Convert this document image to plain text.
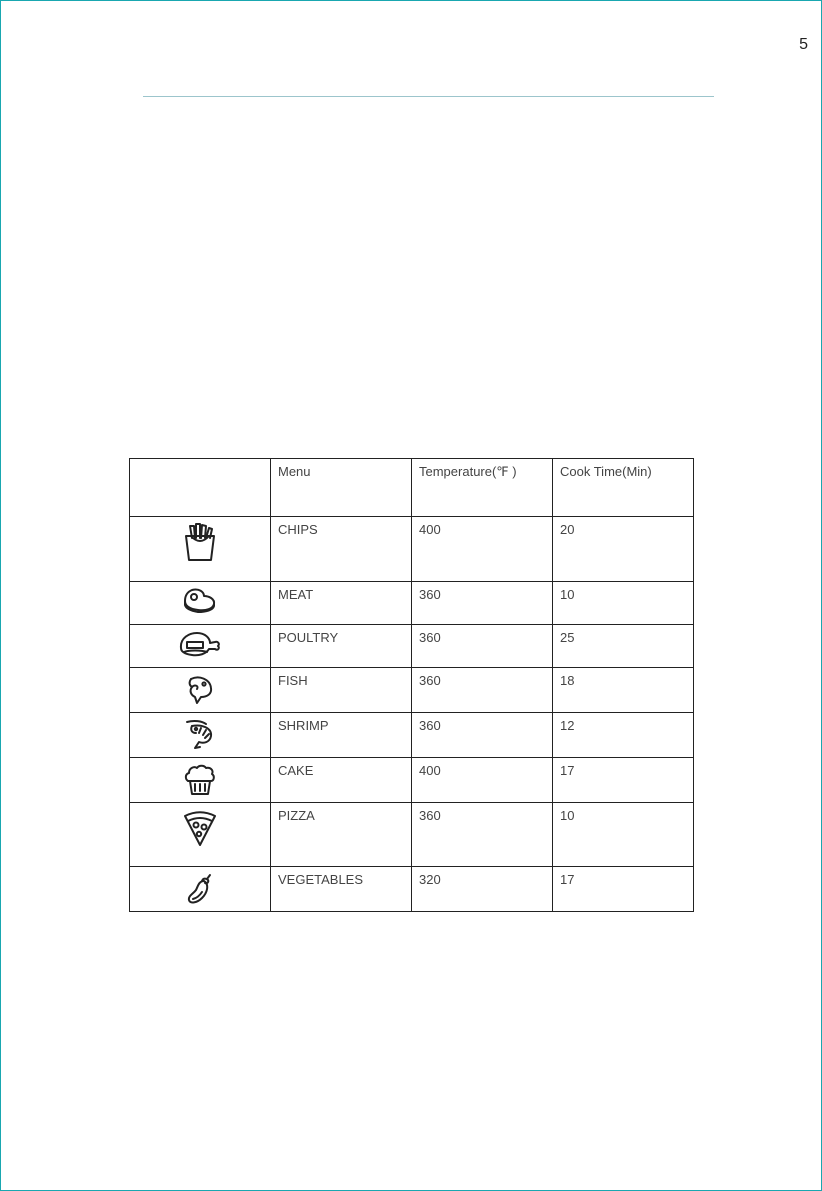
5
	Menu	Temperature(℉ )	Cook Time(Min)

	CHIPS	400	20

	MEAT	360	10

	POULTRY	360	25

	FISH	360	18

	SHRIMP	360	12

	CAKE	400	17

	PIZZA	360	10

	VEGETABLES	320	17
